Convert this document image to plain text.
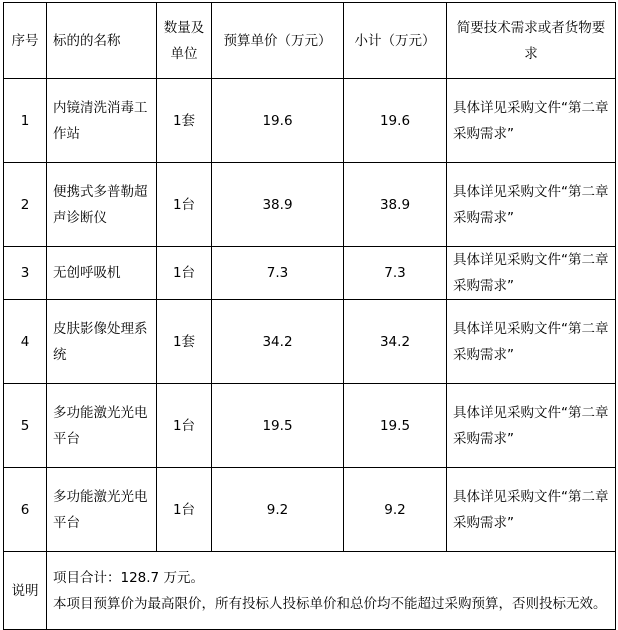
序号	标的的名称	数量及单位	预算单价（万元）	小计（万元）	简要技术需求或者货物要求
1	内镜清洗消毒工作站	1套	19.6	19.6	具体详见采购文件“第二章 采购需求”
2	便携式多普勒超声诊断仪	1台	38.9	38.9	具体详见采购文件“第二章 采购需求”
3	无创呼吸机	1台	7.3	7.3	具体详见采购文件“第二章 采购需求”
4	皮肤影像处理系统	1套	34.2	34.2	具体详见采购文件“第二章 采购需求”
5	多功能激光光电平台	1台	19.5	19.5	具体详见采购文件“第二章 采购需求”
6	多功能激光光电平台	1台	9.2	9.2	具体详见采购文件“第二章 采购需求”
说明	项目合计：128.7 万元。
本项目预算价为最高限价，所有投标人投标单价和总价均不能超过采购预算，否则投标无效。				
